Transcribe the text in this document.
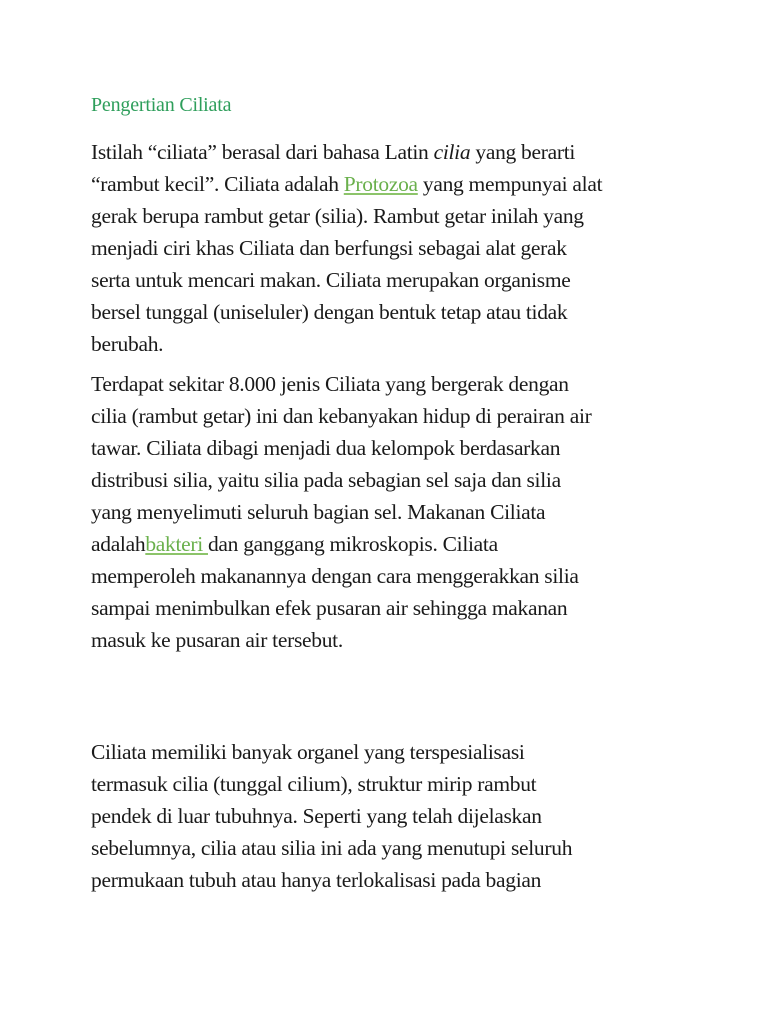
Pengertian Ciliata
Istilah “ciliata” berasal dari bahasa Latin cilia yang berarti
“rambut kecil”. Ciliata adalah Protozoa yang mempunyai alat
gerak berupa rambut getar (silia). Rambut getar inilah yang
menjadi ciri khas Ciliata dan berfungsi sebagai alat gerak
serta untuk mencari makan. Ciliata merupakan organisme
bersel tunggal (uniseluler) dengan bentuk tetap atau tidak
berubah.
Terdapat sekitar 8.000 jenis Ciliata yang bergerak dengan
cilia (rambut getar) ini dan kebanyakan hidup di perairan air
tawar. Ciliata dibagi menjadi dua kelompok berdasarkan
distribusi silia, yaitu silia pada sebagian sel saja dan silia
yang menyelimuti seluruh bagian sel. Makanan Ciliata
adalahbakteri dan ganggang mikroskopis. Ciliata
memperoleh makanannya dengan cara menggerakkan silia
sampai menimbulkan efek pusaran air sehingga makanan
masuk ke pusaran air tersebut.
Ciliata memiliki banyak organel yang terspesialisasi
termasuk cilia (tunggal cilium), struktur mirip rambut
pendek di luar tubuhnya. Seperti yang telah dijelaskan
sebelumnya, cilia atau silia ini ada yang menutupi seluruh
permukaan tubuh atau hanya terlokalisasi pada bagian
